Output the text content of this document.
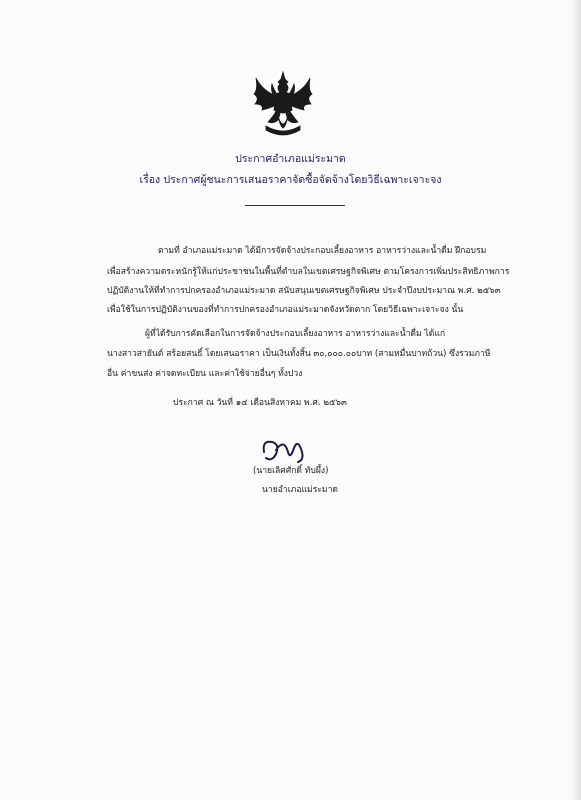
ประกาศอำเภอแม่ระมาด
เรื่อง ประกาศผู้ชนะการเสนอราคาจัดซื้อจัดจ้างโดยวิธีเฉพาะเจาะจง
ตามที่ อำเภอแม่ระมาด ได้มีการจัดจ้างประกอบเลี้ยงอาหาร อาหารว่างและน้ำดื่ม ฝึกอบรม
เพื่อสร้างความตระหนักรู้ให้แก่ประชาชนในพื้นที่ตำบลในเขตเศรษฐกิจพิเศษ ตามโครงการเพิ่มประสิทธิภาพการ
ปฏิบัติงานให้ที่ทำการปกครองอำเภอแม่ระมาด สนับสนุนเขตเศรษฐกิจพิเศษ ประจำปีงบประมาณ พ.ศ. ๒๕๖๓
เพื่อใช้ในการปฏิบัติงานของที่ทำการปกครองอำเภอแม่ระมาดจังหวัดตาก โดยวิธีเฉพาะเจาะจง นั้น
ผู้ที่ได้รับการคัดเลือกในการจัดจ้างประกอบเลี้ยงอาหาร อาหารว่างและน้ำดื่ม ได้แก่
นางสาวสายันต์ สร้อยสนธิ์ โดยเสนอราคา เป็นเงินทั้งสิ้น ๓๐,๐๐๐.๐๐บาท (สามหมื่นบาทถ้วน) ซึ่งรวมภาษี
อื่น ค่าขนส่ง ค่าจดทะเบียน และค่าใช้จ่ายอื่นๆ ทั้งปวง
ประกาศ ณ วันที่ ๑๔ เดือนสิงหาคม พ.ศ. ๒๕๖๓
(นายเลิศศักดิ์ ทับผึ้ง)
นายอำเภอแม่ระมาด
